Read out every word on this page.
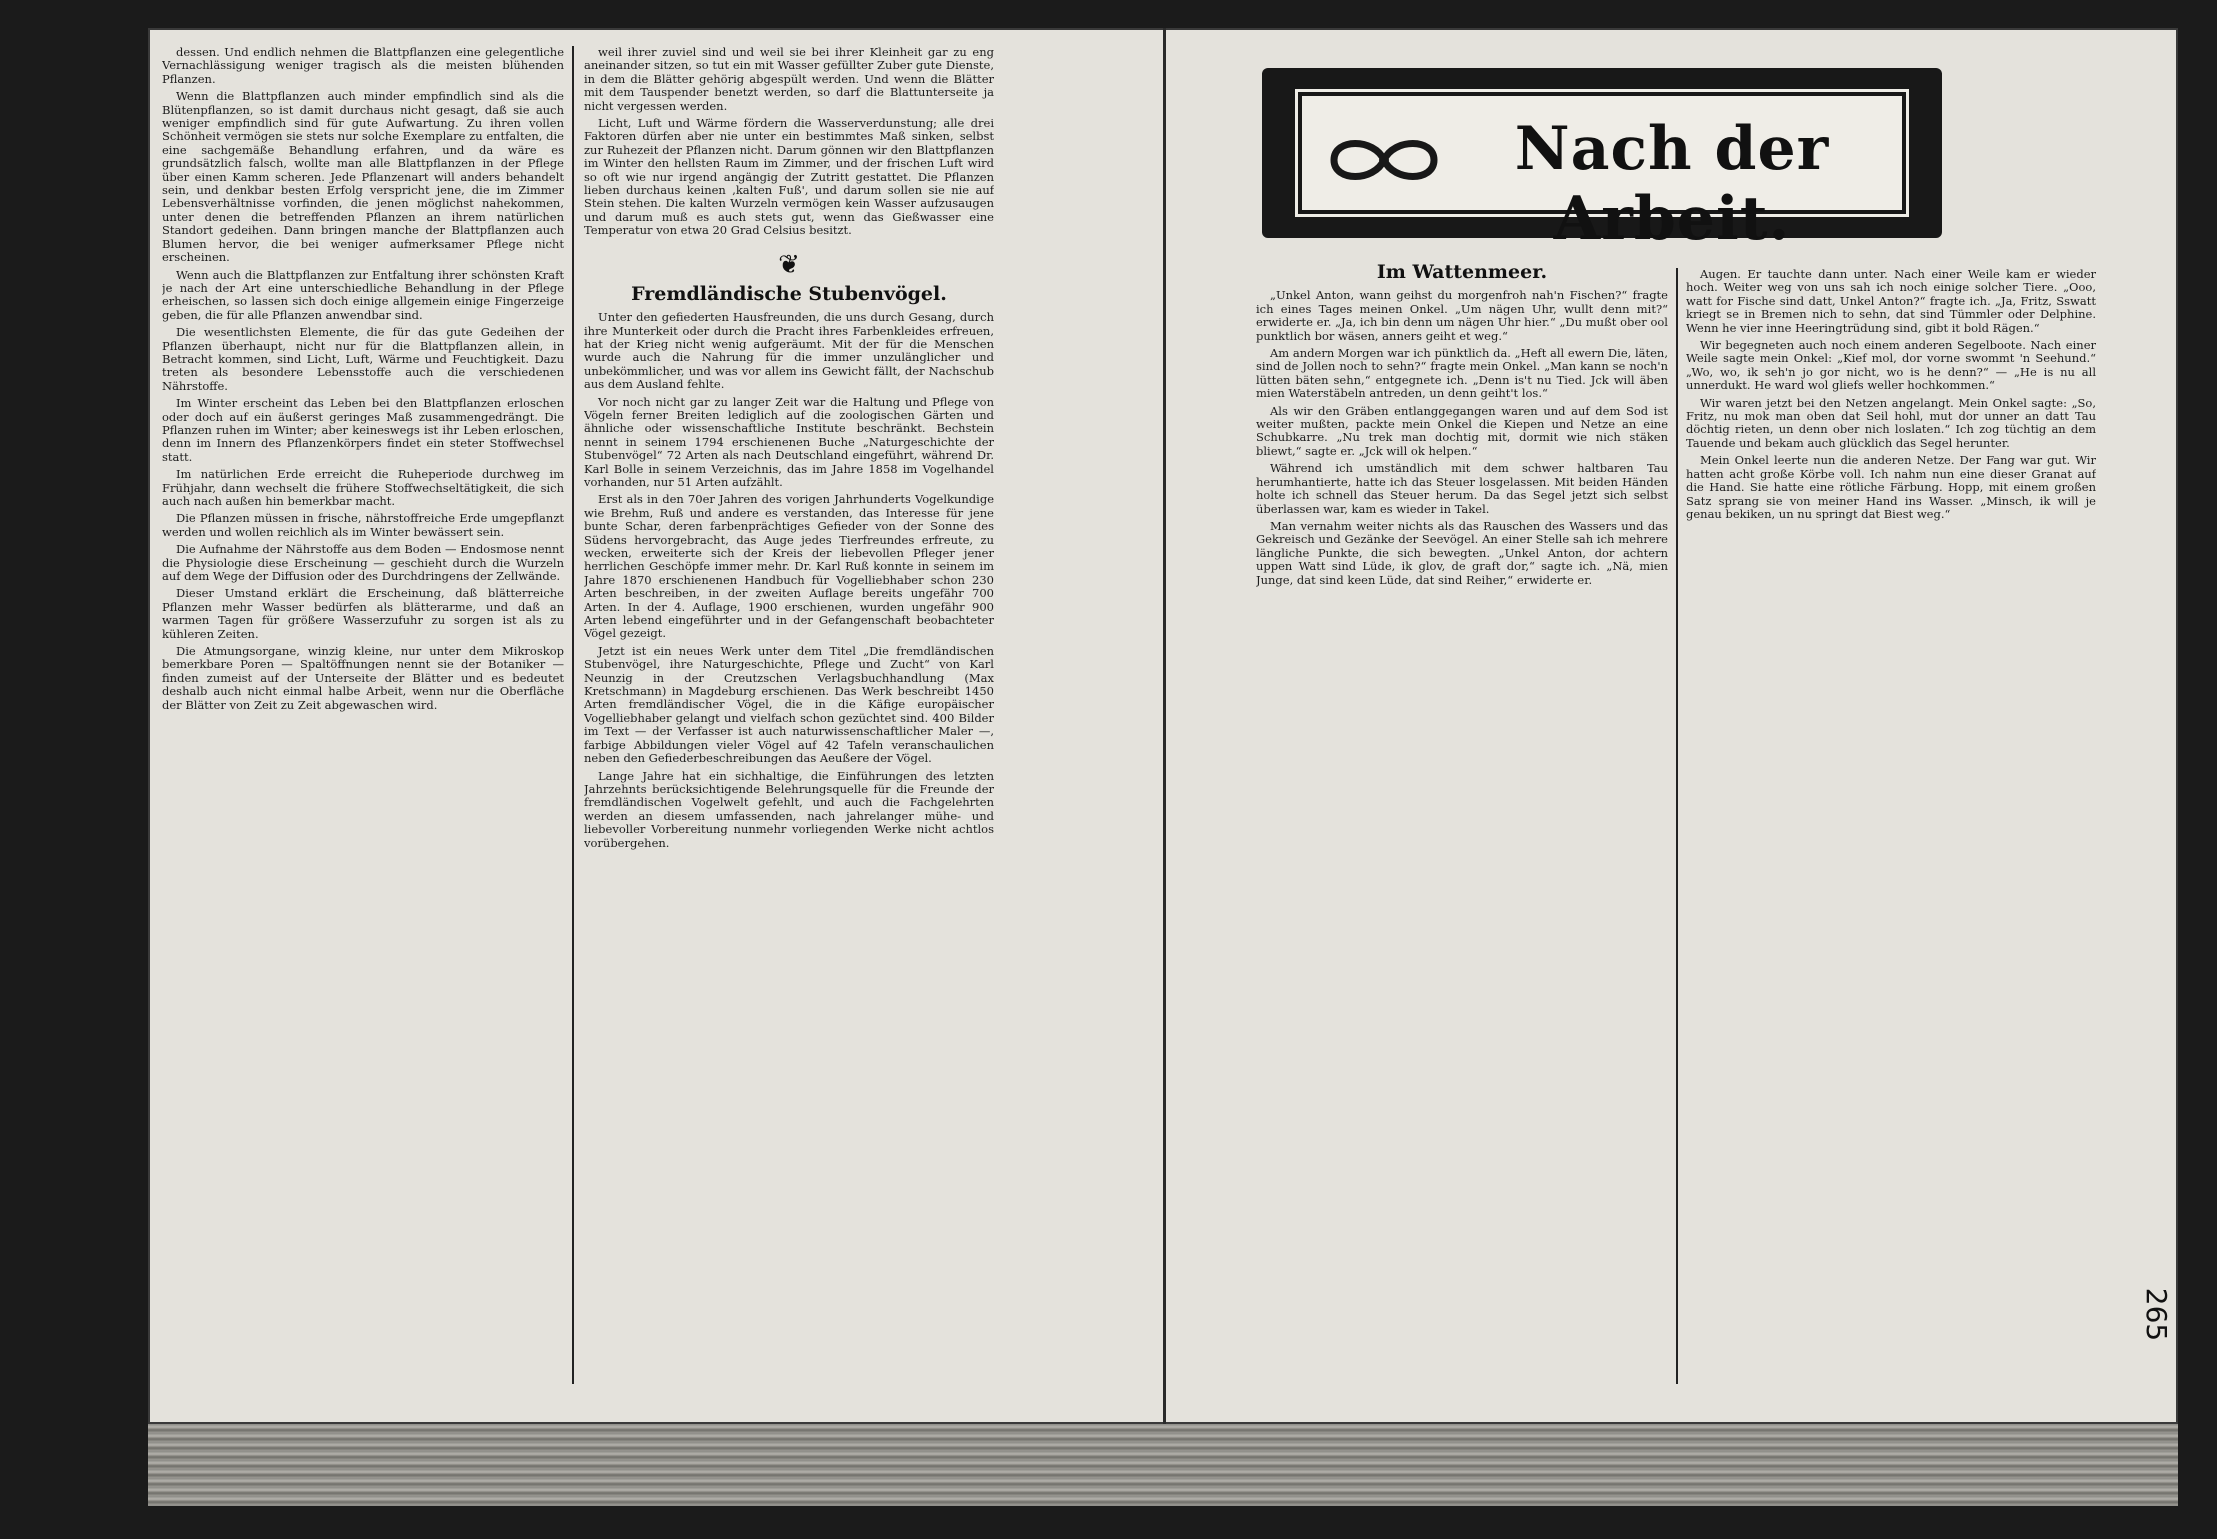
dessen. Und endlich nehmen die Blattpflanzen eine gelegentliche Vernachlässigung weniger tragisch als die meisten blühenden Pflanzen.

Wenn die Blattpflanzen auch minder empfindlich sind als die Blütenpflanzen, so ist damit durchaus nicht gesagt, daß sie auch weniger empfindlich sind für gute Aufwartung. Zu ihren vollen Schönheit vermögen sie stets nur solche Exemplare zu entfalten, die eine sachgemäße Behandlung erfahren, und da wäre es grundsätzlich falsch, wollte man alle Blattpflanzen in der Pflege über einen Kamm scheren. Jede Pflanzenart will anders behandelt sein, und denkbar besten Erfolg verspricht jene, die im Zimmer Lebensverhältnisse vorfinden, die jenen möglichst nahekommen, unter denen die betreffenden Pflanzen an ihrem natürlichen Standort gedeihen. Dann bringen manche der Blattpflanzen auch Blumen hervor, die bei weniger aufmerksamer Pflege nicht erscheinen.

Wenn auch die Blattpflanzen zur Entfaltung ihrer schönsten Kraft je nach der Art eine unterschiedliche Behandlung in der Pflege erheischen, so lassen sich doch einige allgemein einige Fingerzeige geben, die für alle Pflanzen anwendbar sind.

Die wesentlichsten Elemente, die für das gute Gedeihen der Pflanzen überhaupt, nicht nur für die Blattpflanzen allein, in Betracht kommen, sind Licht, Luft, Wärme und Feuchtigkeit. Dazu treten als besondere Lebensstoffe auch die verschiedenen Nährstoffe.

Im Winter erscheint das Leben bei den Blattpflanzen erloschen oder doch auf ein äußerst geringes Maß zusammengedrängt. Die Pflanzen ruhen im Winter; aber keineswegs ist ihr Leben erloschen, denn im Innern des Pflanzenkörpers findet ein steter Stoffwechsel statt.

Im natürlichen Erde erreicht die Ruheperiode durchweg im Frühjahr, dann wechselt die frühere Stoffwechseltätigkeit, die sich auch nach außen hin bemerkbar macht.

Die Pflanzen müssen in frische, nährstoffreiche Erde umgepflanzt werden und wollen reichlich als im Winter bewässert sein.

Die Aufnahme der Nährstoffe aus dem Boden — Endosmose nennt die Physiologie diese Erscheinung — geschieht durch die Wurzeln auf dem Wege der Diffusion oder des Durchdringens der Zellwände.

Dieser Umstand erklärt die Erscheinung, daß blätterreiche Pflanzen mehr Wasser bedürfen als blätterarme, und daß an warmen Tagen für größere Wasserzufuhr zu sorgen ist als zu kühleren Zeiten.

Die Atmungsorgane, winzig kleine, nur unter dem Mikroskop bemerkbare Poren — Spaltöffnungen nennt sie der Botaniker — finden zumeist auf der Unterseite der Blätter und es bedeutet deshalb auch nicht einmal halbe Arbeit, wenn nur die Oberfläche der Blätter von Zeit zu Zeit abgewaschen wird.

weil ihrer zuviel sind und weil sie bei ihrer Kleinheit gar zu eng aneinander sitzen, so tut ein mit Wasser gefüllter Zuber gute Dienste, in dem die Blätter gehörig abgespült werden. Und wenn die Blätter mit dem Tauspender benetzt werden, so darf die Blattunterseite ja nicht vergessen werden.

Licht, Luft und Wärme fördern die Wasserverdunstung; alle drei Faktoren dürfen aber nie unter ein bestimmtes Maß sinken, selbst zur Ruhezeit der Pflanzen nicht. Darum gönnen wir den Blattpflanzen im Winter den hellsten Raum im Zimmer, und der frischen Luft wird so oft wie nur irgend angängig der Zutritt gestattet. Die Pflanzen lieben durchaus keinen ‚kalten Fuß', und darum sollen sie nie auf Stein stehen. Die kalten Wurzeln vermögen kein Wasser aufzusaugen und darum muß es auch stets gut, wenn das Gießwasser eine Temperatur von etwa 20 Grad Celsius besitzt.

❦
Fremdländische Stubenvögel.

Unter den gefiederten Hausfreunden, die uns durch Gesang, durch ihre Munterkeit oder durch die Pracht ihres Farbenkleides erfreuen, hat der Krieg nicht wenig aufgeräumt. Mit der für die Menschen wurde auch die Nahrung für die immer unzulänglicher und unbekömmlicher, und was vor allem ins Gewicht fällt, der Nachschub aus dem Ausland fehlte.

Vor noch nicht gar zu langer Zeit war die Haltung und Pflege von Vögeln ferner Breiten lediglich auf die zoologischen Gärten und ähnliche oder wissenschaftliche Institute beschränkt. Bechstein nennt in seinem 1794 erschienenen Buche „Naturgeschichte der Stubenvögel“ 72 Arten als nach Deutschland eingeführt, während Dr. Karl Bolle in seinem Verzeichnis, das im Jahre 1858 im Vogelhandel vorhanden, nur 51 Arten aufzählt.

Erst als in den 70er Jahren des vorigen Jahrhunderts Vogelkundige wie Brehm, Ruß und andere es verstanden, das Interesse für jene bunte Schar, deren farbenprächtiges Gefieder von der Sonne des Südens hervorgebracht, das Auge jedes Tierfreundes erfreute, zu wecken, erweiterte sich der Kreis der liebevollen Pfleger jener herrlichen Geschöpfe immer mehr. Dr. Karl Ruß konnte in seinem im Jahre 1870 erschienenen Handbuch für Vogelliebhaber schon 230 Arten beschreiben, in der zweiten Auflage bereits ungefähr 700 Arten. In der 4. Auflage, 1900 erschienen, wurden ungefähr 900 Arten lebend eingeführter und in der Gefangenschaft beobachteter Vögel gezeigt.

Jetzt ist ein neues Werk unter dem Titel „Die fremdländischen Stubenvögel, ihre Naturgeschichte, Pflege und Zucht“ von Karl Neunzig in der Creutzschen Verlagsbuchhandlung (Max Kretschmann) in Magdeburg erschienen. Das Werk beschreibt 1450 Arten fremdländischer Vögel, die in die Käfige europäischer Vogelliebhaber gelangt und vielfach schon gezüchtet sind. 400 Bilder im Text — der Verfasser ist auch naturwissenschaftlicher Maler —, farbige Abbildungen vieler Vögel auf 42 Tafeln veranschaulichen neben den Gefiederbeschreibungen das Aeußere der Vögel.

Lange Jahre hat ein sichhaltige, die Einführungen des letzten Jahrzehnts berücksichtigende Belehrungsquelle für die Freunde der fremdländischen Vogelwelt gefehlt, und auch die Fachgelehrten werden an diesem umfassenden, nach jahrelanger mühe- und liebevoller Vorbereitung nunmehr vorliegenden Werke nicht achtlos vorübergehen.

Nach der Arbeit.
Im Wattenmeer.

„Unkel Anton, wann geihst du morgenfroh nah'n Fischen?“ fragte ich eines Tages meinen Onkel. „Um nägen Uhr, wullt denn mit?“ erwiderte er. „Ja, ich bin denn um nägen Uhr hier.“ „Du mußt ober ool punktlich bor wäsen, anners geiht et weg.“

Am andern Morgen war ich pünktlich da. „Heft all ewern Die, läten, sind de Jollen noch to sehn?“ fragte mein Onkel. „Man kann se noch'n lütten bäten sehn,“ entgegnete ich. „Denn is't nu Tied. Jck will äben mien Waterstäbeln antreden, un denn geiht't los.“

Als wir den Gräben entlanggegangen waren und auf dem Sod ist weiter mußten, packte mein Onkel die Kiepen und Netze an eine Schubkarre. „Nu trek man dochtig mit, dormit wie nich stäken bliewt,“ sagte er. „Jck will ok helpen.“

Während ich umständlich mit dem schwer haltbaren Tau herumhantierte, hatte ich das Steuer losgelassen. Mit beiden Händen holte ich schnell das Steuer herum. Da das Segel jetzt sich selbst überlassen war, kam es wieder in Takel.

Man vernahm weiter nichts als das Rauschen des Wassers und das Gekreisch und Gezänke der Seevögel. An einer Stelle sah ich mehrere längliche Punkte, die sich bewegten. „Unkel Anton, dor achtern uppen Watt sind Lüde, ik glov, de graft dor,“ sagte ich. „Nä, mien Junge, dat sind keen Lüde, dat sind Reiher,“ erwiderte er.

Augen. Er tauchte dann unter. Nach einer Weile kam er wieder hoch. Weiter weg von uns sah ich noch einige solcher Tiere. „Ooo, watt for Fische sind datt, Unkel Anton?“ fragte ich. „Ja, Fritz, Sswatt kriegt se in Bremen nich to sehn, dat sind Tümmler oder Delphine. Wenn he vier inne Heeringtrüdung sind, gibt it bold Rägen.“

Wir begegneten auch noch einem anderen Segelboote. Nach einer Weile sagte mein Onkel: „Kief mol, dor vorne swommt 'n Seehund.“ „Wo, wo, ik seh'n jo gor nicht, wo is he denn?“ — „He is nu all unnerdukt. He ward wol gliefs weller hochkommen.“

Wir waren jetzt bei den Netzen angelangt. Mein Onkel sagte: „So, Fritz, nu mok man oben dat Seil hohl, mut dor unner an datt Tau döchtig rieten, un denn ober nich loslaten.“ Ich zog tüchtig an dem Tauende und bekam auch glücklich das Segel herunter.

Mein Onkel leerte nun die anderen Netze. Der Fang war gut. Wir hatten acht große Körbe voll. Ich nahm nun eine dieser Granat auf die Hand. Sie hatte eine rötliche Färbung. Hopp, mit einem großen Satz sprang sie von meiner Hand ins Wasser. „Minsch, ik will je genau bekiken, un nu springt dat Biest weg.“

265
